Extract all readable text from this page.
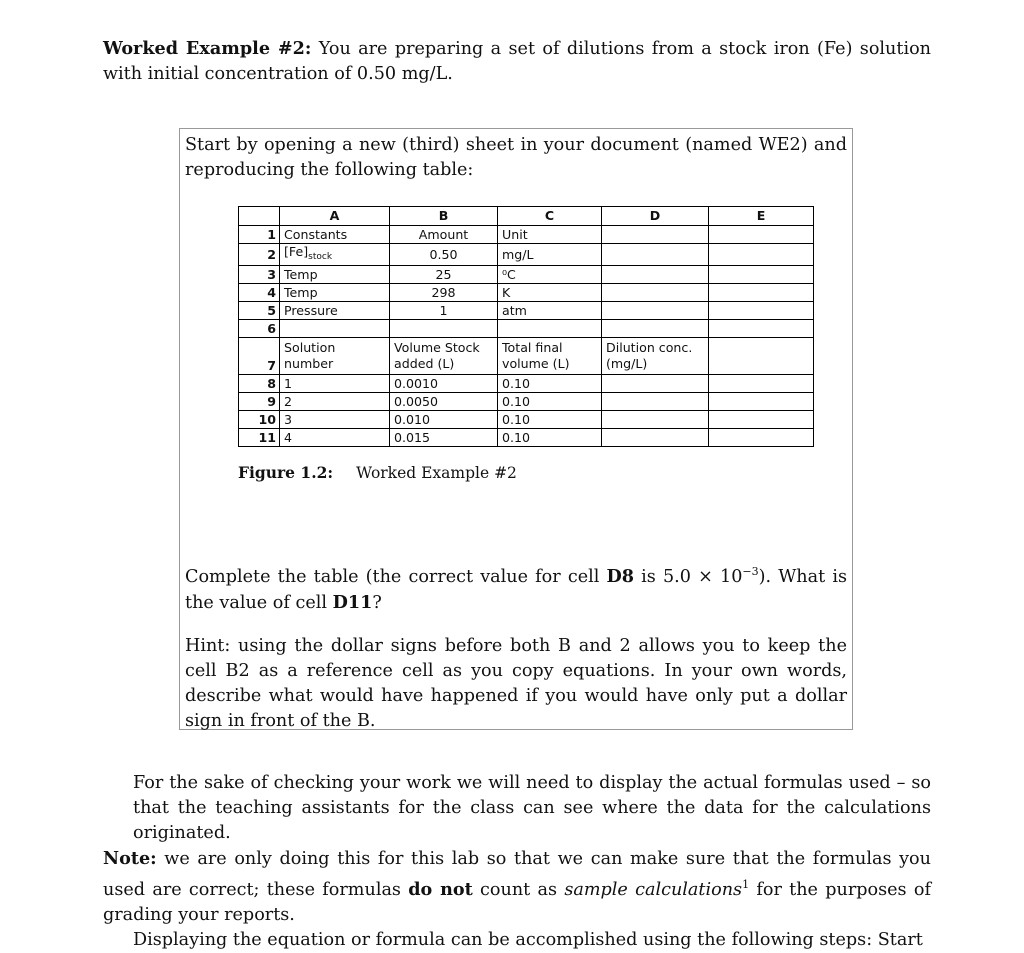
Worked Example #2: You are preparing a set of dilutions from a stock iron (Fe) solution with initial concentration of 0.50 mg/L.
Start by opening a new (third) sheet in your document (named WE2) and reproducing the following table:
	A	B	C	D	E
1	Constants	Amount	Unit		
2	$[Fe]_{stock}$	0.50	mg/L		
3	Temp	25	⁰C		
4	Temp	298	K		
5	Pressure	1	atm		
6					
7	Solution number	Volume Stock added (L)	Total final volume (L)	Dilution conc. (mg/L)	
8	1	0.0010	0.10		
9	2	0.0050	0.10		
10	3	0.010	0.10		
11	4	0.015	0.10		
Figure 1.2: Worked Example #2
Complete the table (the correct value for cell D8 is $5.0 \times 10^{-3}$). What is the value of cell D11?
Hint: using the dollar signs before both B and 2 allows you to keep the cell B2 as a reference cell as you copy equations. In your own words, describe what would have happened if you would have only put a dollar sign in front of the B.
For the sake of checking your work we will need to display the actual formulas used – so that the teaching assistants for the class can see where the data for the calculations originated.
Note: we are only doing this for this lab so that we can make sure that the formulas you used are correct; these formulas do not count as sample calculations$^1$ for the purposes of grading your reports.
Displaying the equation or formula can be accomplished using the following steps: Start
